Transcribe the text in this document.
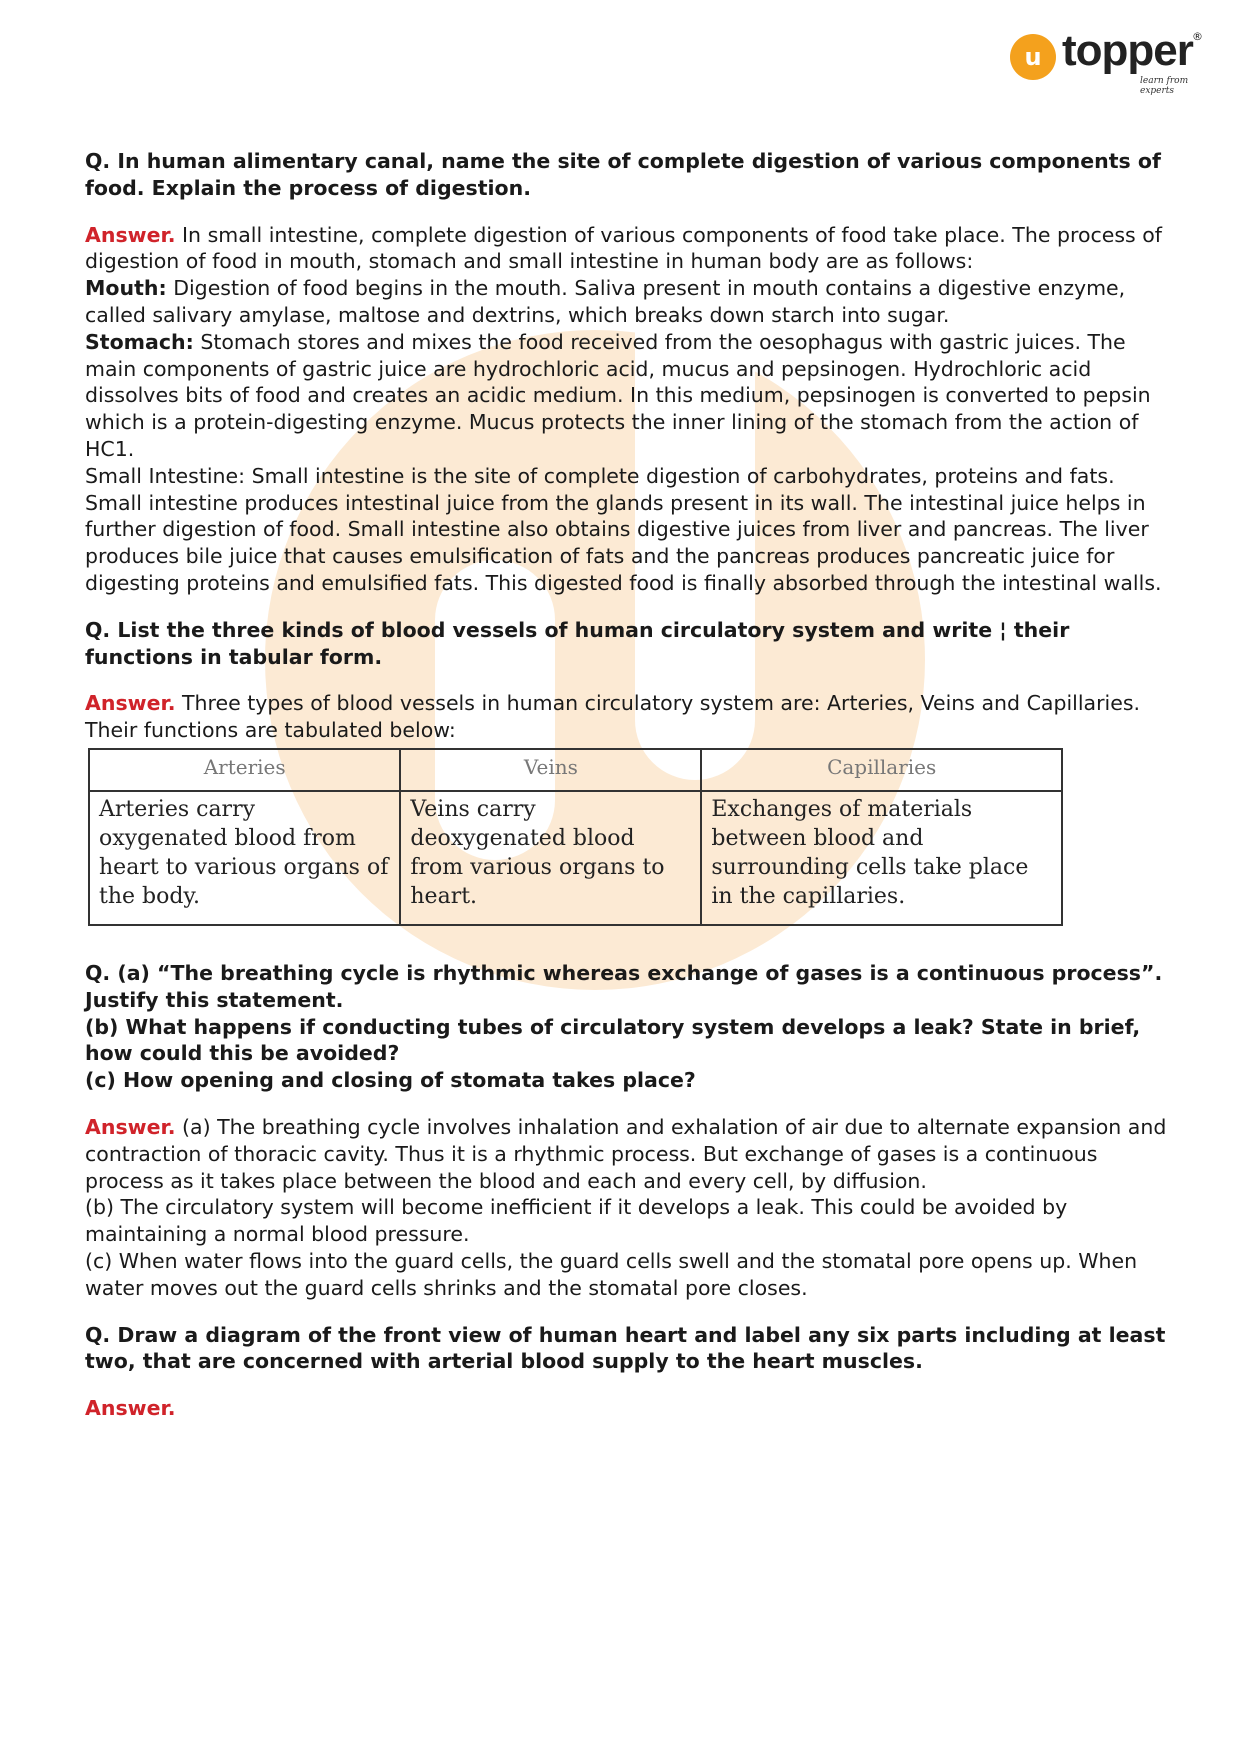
u topper ®
learn from experts

Q. In human alimentary canal, name the site of complete digestion of various components of food. Explain the process of digestion.

Answer. In small intestine, complete digestion of various components of food take place. The process of digestion of food in mouth, stomach and small intestine in human body are as follows:

Mouth: Digestion of food begins in the mouth. Saliva present in mouth contains a digestive enzyme, called salivary amylase, maltose and dextrins, which breaks down starch into sugar.

Stomach: Stomach stores and mixes the food received from the oesophagus with gastric juices. The main components of gastric juice are hydrochloric acid, mucus and pepsinogen. Hydrochloric acid dissolves bits of food and creates an acidic medium. In this medium, pepsinogen is converted to pepsin which is a protein-digesting enzyme. Mucus protects the inner lining of the stomach from the action of HC1.

Small Intestine: Small intestine is the site of complete digestion of carbohydrates, proteins and fats. Small intestine produces intestinal juice from the glands present in its wall. The intestinal juice helps in further digestion of food. Small intestine also obtains digestive juices from liver and pancreas. The liver produces bile juice that causes emulsification of fats and the pancreas produces pancreatic juice for digesting proteins and emulsified fats. This digested food is finally absorbed through the intestinal walls.

Q. List the three kinds of blood vessels of human circulatory system and write ¦ their functions in tabular form.

Answer. Three types of blood vessels in human circulatory system are: Arteries, Veins and Capillaries.

Their functions are tabulated below:

Arteries	Veins	Capillaries
Arteries carry oxygenated blood from heart to various organs of the body.	Veins carry deoxygenated blood from various organs to heart.	Exchanges of materials between blood and surrounding cells take place in the capillaries.

Q. (a) “The breathing cycle is rhythmic whereas exchange of gases is a continuous process”. Justify this statement.

(b) What happens if conducting tubes of circulatory system develops a leak? State in brief, how could this be avoided?

(c) How opening and closing of stomata takes place?

Answer. (a) The breathing cycle involves inhalation and exhalation of air due to alternate expansion and contraction of thoracic cavity. Thus it is a rhythmic process. But exchange of gases is a continuous process as it takes place between the blood and each and every cell, by diffusion.

(b) The circulatory system will become inefficient if it develops a leak. This could be avoided by maintaining a normal blood pressure.

(c) When water flows into the guard cells, the guard cells swell and the stomatal pore opens up. When water moves out the guard cells shrinks and the stomatal pore closes.

Q. Draw a diagram of the front view of human heart and label any six parts including at least two, that are concerned with arterial blood supply to the heart muscles.

Answer.
